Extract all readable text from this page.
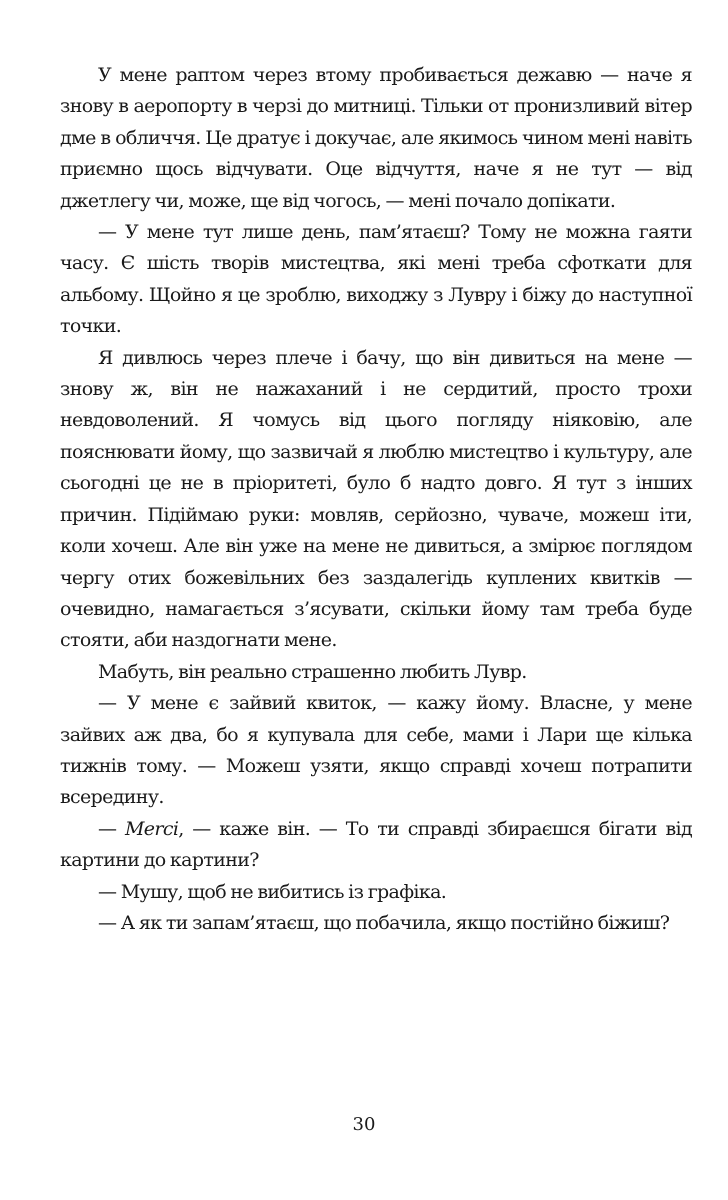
У мене раптом через втому пробивається дежавю — наче я знову в аеропорту в черзі до митниці. Тільки от пронизливий вітер дме в обличчя. Це дратує і докучає, але якимось чином мені навіть приємно щось відчувати. Оце відчуття, наче я не тут — від джетлегу чи, може, ще від чогось, — мені почало допікати.

— У мене тут лише день, пам’ятаєш? Тому не можна гаяти часу. Є шість творів мистецтва, які мені треба сфоткати для альбому. Щойно я це зроблю, виходжу з Лувру і біжу до наступної точки.

Я дивлюсь через плече і бачу, що він дивиться на мене — знову ж, він не нажаханий і не сердитий, просто трохи невдоволений. Я чомусь від цього погляду ніяковію, але пояснювати йому, що зазвичай я люблю мистецтво і культуру, але сьогодні це не в пріоритеті, було б надто довго. Я тут з інших причин. Підіймаю руки: мовляв, серйозно, чуваче, можеш іти, коли хочеш. Але він уже на мене не дивиться, а змірює поглядом чергу отих божевільних без заздалегідь куплених квитків — очевидно, намагається з’ясувати, скільки йому там треба буде стояти, аби наздогнати мене.

Мабуть, він реально страшенно любить Лувр.

— У мене є зайвий квиток, — кажу йому. Власне, у мене зайвих аж два, бо я купувала для себе, мами і Лари ще кілька тижнів тому. — Можеш узяти, якщо справді хочеш потрапити всередину.

— Merci, — каже він. — То ти справді збираєшся бігати від картини до картини?

— Мушу, щоб не вибитись із графіка.

— А як ти запам’ятаєш, що побачила, якщо постійно біжиш?

30
